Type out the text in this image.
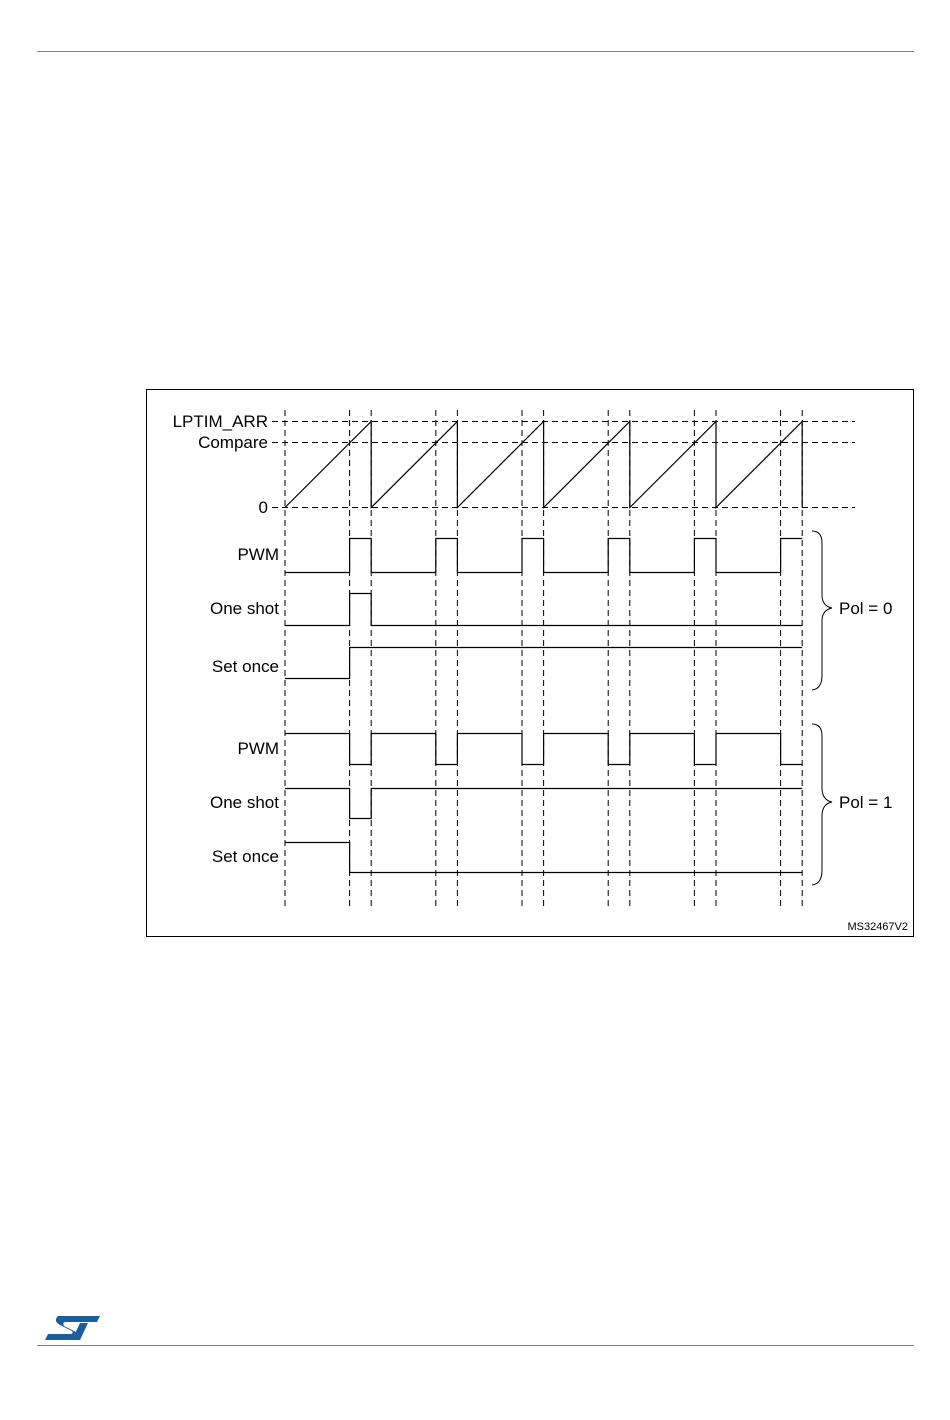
LPTIM_ARR
Compare
0
PWM
One shot
Set once
PWM
One shot
Set once
Pol = 0
Pol = 1
MS32467V2
